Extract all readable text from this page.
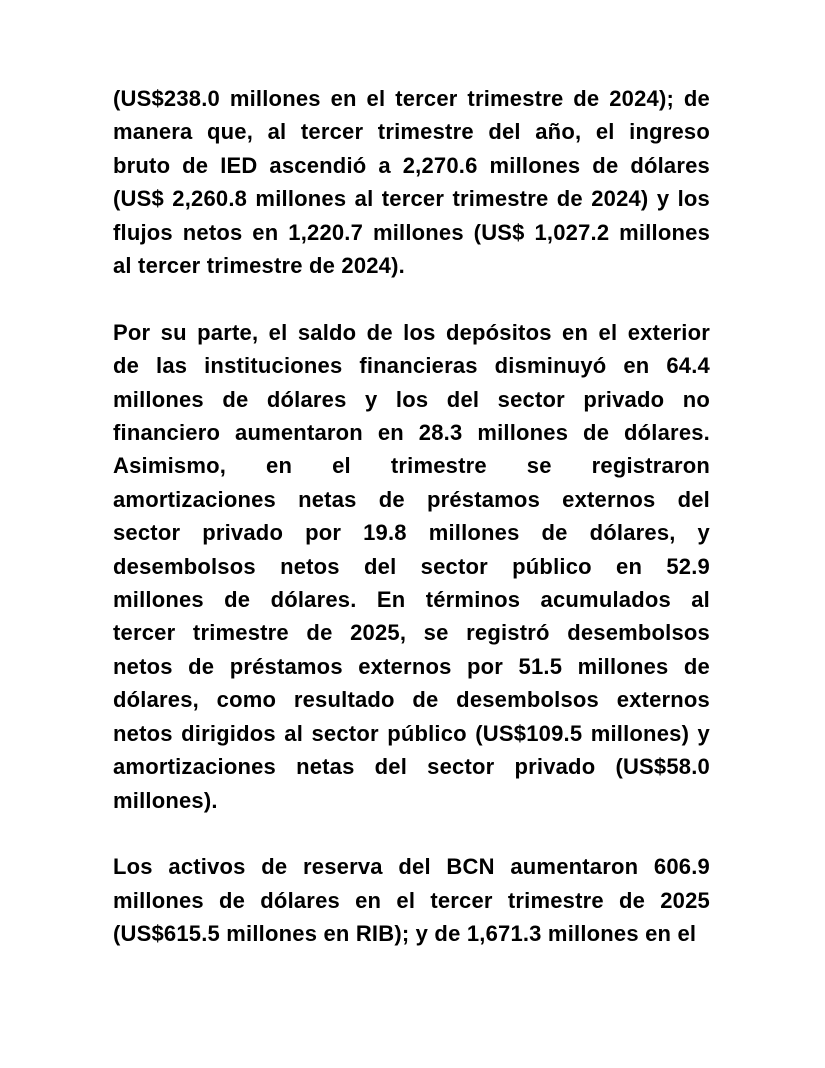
(US$238.0 millones en el tercer trimestre de 2024); de
manera que, al tercer trimestre del año, el ingreso
bruto de IED ascendió a 2,270.6 millones de dólares
(US$ 2,260.8 millones al tercer trimestre de 2024) y los
flujos netos en 1,220.7 millones (US$ 1,027.2 millones
al tercer trimestre de 2024).

Por su parte, el saldo de los depósitos en el exterior
de las instituciones financieras disminuyó en 64.4
millones de dólares y los del sector privado no
financiero aumentaron en 28.3 millones de dólares.
Asimismo, en el trimestre se registraron
amortizaciones netas de préstamos externos del
sector privado por 19.8 millones de dólares, y
desembolsos netos del sector público en 52.9
millones de dólares. En términos acumulados al
tercer trimestre de 2025, se registró desembolsos
netos de préstamos externos por 51.5 millones de
dólares, como resultado de desembolsos externos
netos dirigidos al sector público (US$109.5 millones) y
amortizaciones netas del sector privado (US$58.0
millones).

Los activos de reserva del BCN aumentaron 606.9
millones de dólares en el tercer trimestre de 2025
(US$615.5 millones en RIB); y de 1,671.3 millones en el
